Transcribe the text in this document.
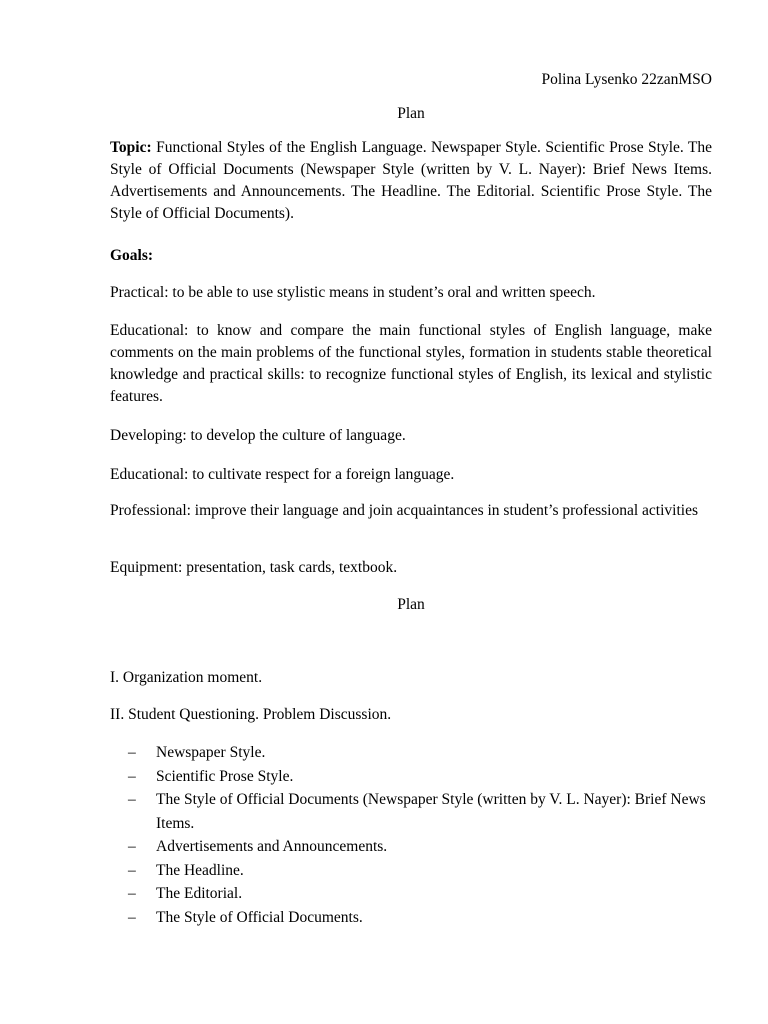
Polina Lysenko 22zanMSO

Plan

Topic: Functional Styles of the English Language. Newspaper Style. Scientific Prose Style. The Style of Official Documents (Newspaper Style (written by V. L. Nayer): Brief News Items. Advertisements and Announcements. The Headline. The Editorial. Scientific Prose Style. The Style of Official Documents).

Goals:

Practical: to be able to use stylistic means in student’s oral and written speech.

Educational: to know and compare the main functional styles of English language, make comments on the main problems of the functional styles, formation in students stable theoretical knowledge and practical skills: to recognize functional styles of English, its lexical and stylistic features.

Developing: to develop the culture of language.

Educational: to cultivate respect for a foreign language.

Professional: improve their language and join acquaintances in student’s professional activities

Equipment: presentation, task cards, textbook.

Plan

I. Organization moment.

II. Student Questioning. Problem Discussion.

– Newspaper Style.
– Scientific Prose Style.
– The Style of Official Documents (Newspaper Style (written by V. L. Nayer): Brief News Items.
– Advertisements and Announcements.
– The Headline.
– The Editorial.
– The Style of Official Documents.
